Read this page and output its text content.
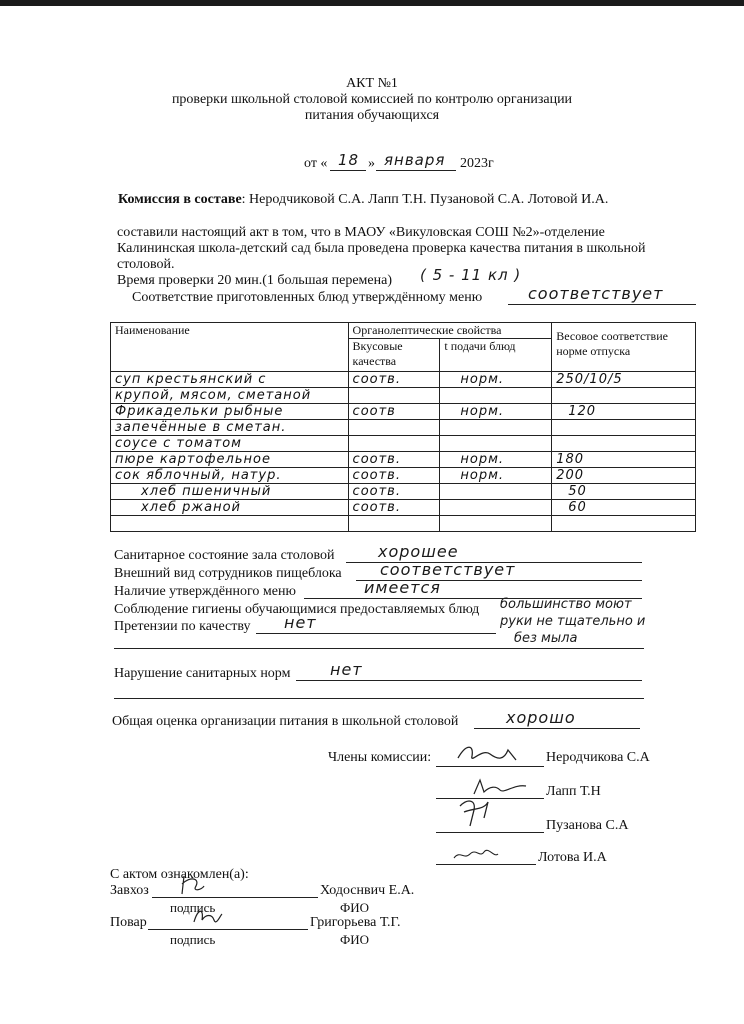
АКТ №1
проверки школьной столовой комиссией по контролю организации
питания обучающихся
от « 18 » января 2023г
Комиссия в составе: Неродчиковой С.А. Лапп Т.Н. Пузановой С.А. Лотовой И.А.
составили настоящий акт в том, что в МАОУ «Викуловская СОШ №2»-отделение
Калининская школа-детский сад была проведена проверка качества питания в школьной
столовой.
Время проверки 20 мин.(1 большая перемена) ( 5 - 11 кл )
Соответствие приготовленных блюд утверждённому меню	соответствует
Наименование	Органолептические свойства		Весовое соответствие норме отпуска
	Вкусовые качества	t подачи блюд	
суп крестьянский с	соотв.	норм.	250/10/5
крупой, мясом, сметаной			
Фрикадельки рыбные	соотв	норм.	120
запечённые в сметан.			
соусе с томатом			
пюре картофельное	соотв.	норм.	180
сок яблочный, натур.	соотв.	норм.	200
хлеб пшеничный	соотв.		50
хлеб ржаной	соотв.		60

Санитарное состояние зала столовой	хорошее
Внешний вид сотрудников пищеблока соответствует
Наличие утверждённого меню	имеется
Соблюдение гигиены обучающимися предоставляемых блюд большинство моют
руки не тщательно и
без мыла
Претензии по качеству нет
Нарушение санитарных норм нет
Общая оценка организации питания в школьной столовой	хорошо
Члены комиссии:	Неродчикова С.А
Лапп Т.Н
Пузанова С.А
Лотова И.А
С актом ознакомлен(а):
Завхоз	Ходоснвич Е.А.
подпись	ФИО
Повар	Григорьева Т.Г.
подпись	ФИО
